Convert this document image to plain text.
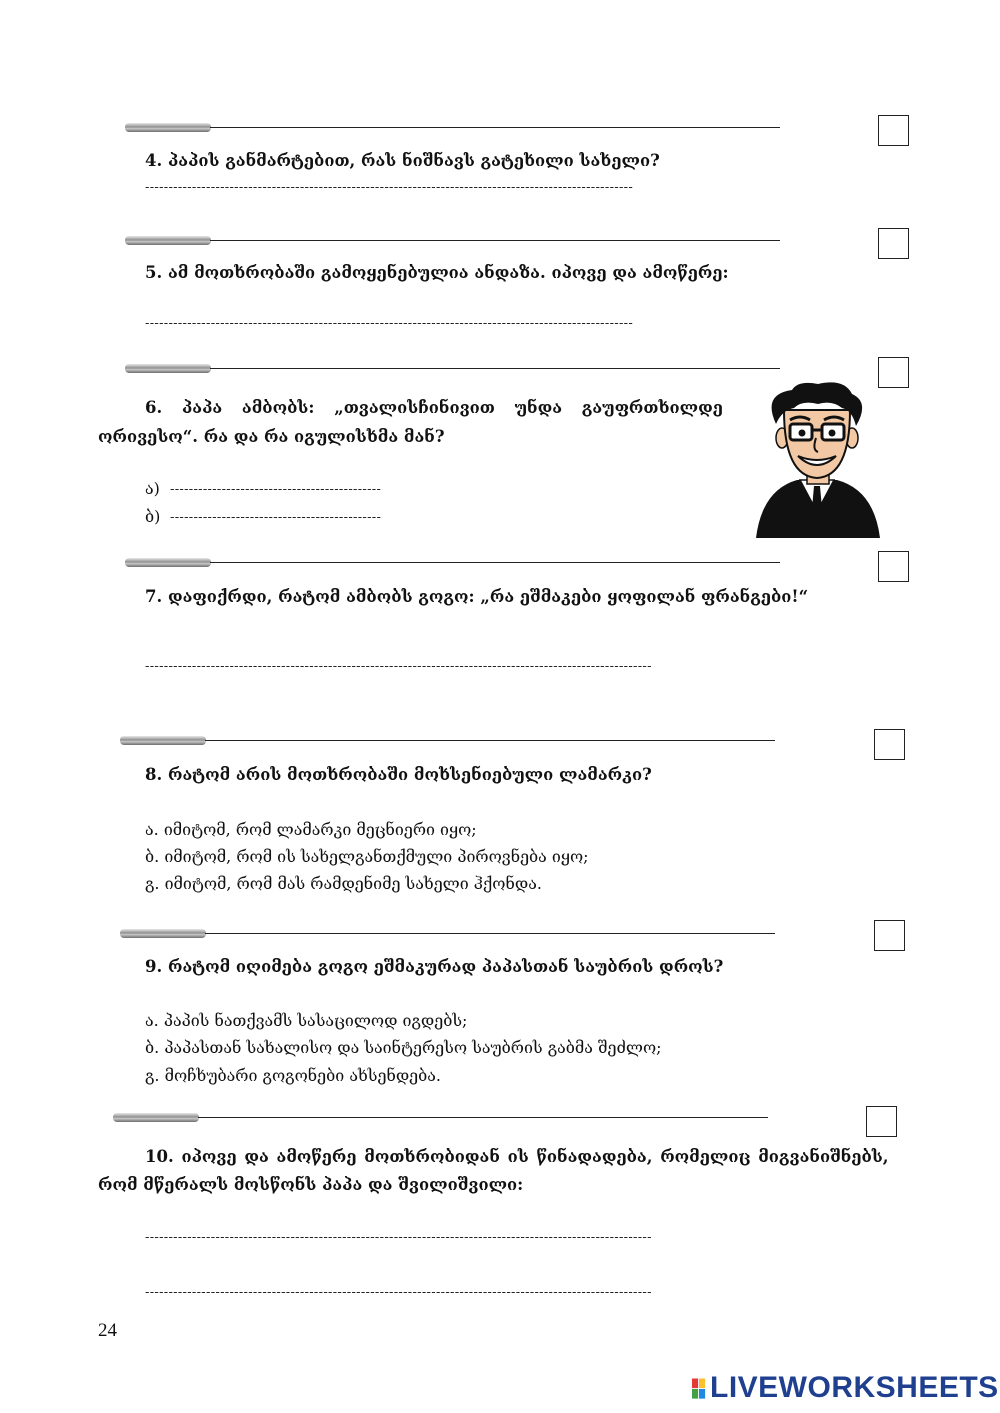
4. პაპის განმარტებით, რას ნიშნავს გატეხილი სახელი?
--------------------------------------------------------------------------------------------------------
5. ამ მოთხრობაში გამოყენებულია ანდაზა. იპოვე და ამოწერე:
--------------------------------------------------------------------------------------------------------
6. პაპა ამბობს: „თვალისჩინივით უნდა გაუფრთხილდე
ორივესო“. რა და რა იგულისხმა მან?
ა) ---------------------------------------------
ბ) ---------------------------------------------
7. დაფიქრდი, რატომ ამბობს გოგო: „რა ეშმაკები ყოფილან ფრანგები!“
------------------------------------------------------------------------------------------------------------
8. რატომ არის მოთხრობაში მოხსენიებული ლამარკი?
ა. იმიტომ, რომ ლამარკი მეცნიერი იყო;
ბ. იმიტომ, რომ ის სახელგანთქმული პიროვნება იყო;
გ. იმიტომ, რომ მას რამდენიმე სახელი ჰქონდა.
9. რატომ იღიმება გოგო ეშმაკურად პაპასთან საუბრის დროს?
ა. პაპის ნათქვამს სასაცილოდ იგდებს;
ბ. პაპასთან სახალისო და საინტერესო საუბრის გაბმა შეძლო;
გ. მოჩხუბარი გოგონები ახსენდება.
10. იპოვე და ამოწერე მოთხრობიდან ის წინადადება, რომელიც მიგვანიშნებს,
რომ მწერალს მოსწონს პაპა და შვილიშვილი:
------------------------------------------------------------------------------------------------------------
------------------------------------------------------------------------------------------------------------
24
LIVEWORKSHEETS
